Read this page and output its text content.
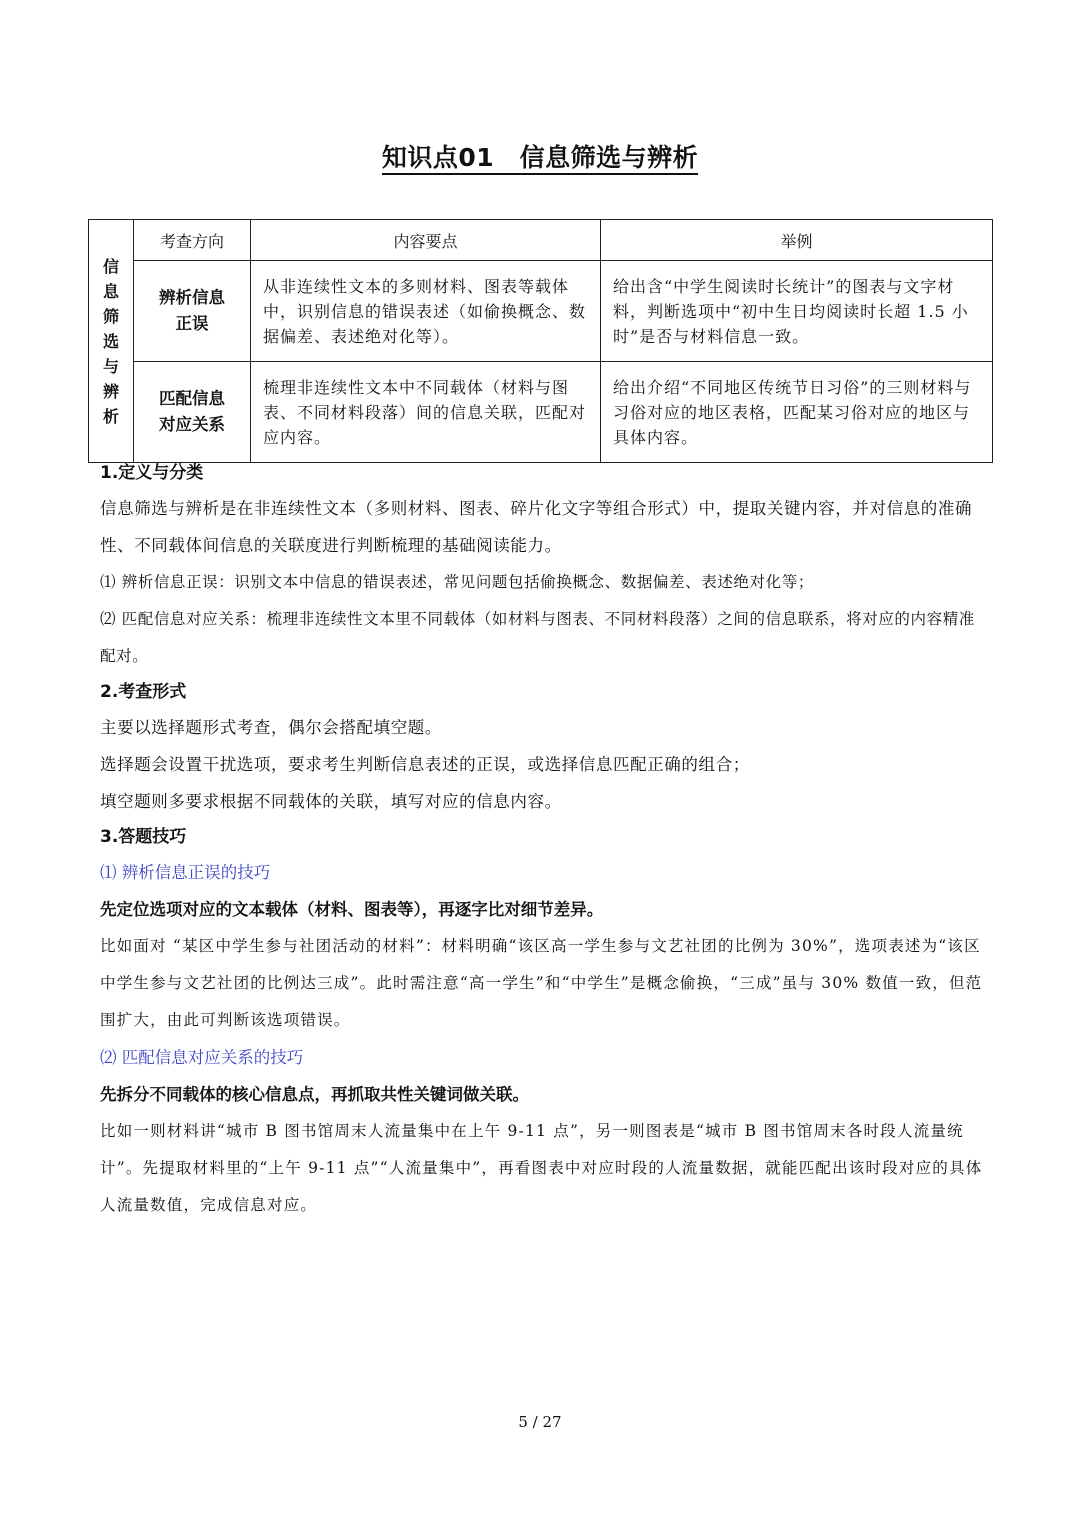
知识点01　信息筛选与辨析
信息筛选与辨析	考查方向	内容要点	举例
	辨析信息正误	从非连续性文本的多则材料、图表等载体中，识别信息的错误表述（如偷换概念、数据偏差、表述绝对化等）。	给出含“中学生阅读时长统计”的图表与文字材料，判断选项中“初中生日均阅读时长超 1.5 小时”是否与材料信息一致。
	匹配信息对应关系	梳理非连续性文本中不同载体（材料与图表、不同材料段落）间的信息关联，匹配对应内容。	给出介绍“不同地区传统节日习俗”的三则材料与习俗对应的地区表格，匹配某习俗对应的地区与具体内容。

1.定义与分类

信息筛选与辨析是在非连续性文本（多则材料、图表、碎片化文字等组合形式）中，提取关键内容，并对信息的准确性、不同载体间信息的关联度进行判断梳理的基础阅读能力。

⑴ 辨析信息正误：识别文本中信息的错误表述，常见问题包括偷换概念、数据偏差、表述绝对化等；

⑵ 匹配信息对应关系：梳理非连续性文本里不同载体（如材料与图表、不同材料段落）之间的信息联系，将对应的内容精准配对。

2.考查形式

主要以选择题形式考查，偶尔会搭配填空题。

选择题会设置干扰选项，要求考生判断信息表述的正误，或选择信息匹配正确的组合；

填空题则多要求根据不同载体的关联，填写对应的信息内容。

3.答题技巧

⑴ 辨析信息正误的技巧

先定位选项对应的文本载体（材料、图表等），再逐字比对细节差异。

比如面对 “某区中学生参与社团活动的材料”：材料明确“该区高一学生参与文艺社团的比例为 30%”，选项表述为“该区中学生参与文艺社团的比例达三成”。此时需注意“高一学生”和“中学生”是概念偷换，“三成”虽与 30% 数值一致，但范围扩大，由此可判断该选项错误。

⑵ 匹配信息对应关系的技巧

先拆分不同载体的核心信息点，再抓取共性关键词做关联。

比如一则材料讲“城市 B 图书馆周末人流量集中在上午 9-11 点”，另一则图表是“城市 B 图书馆周末各时段人流量统计”。先提取材料里的“上午 9-11 点”“人流量集中”，再看图表中对应时段的人流量数据，就能匹配出该时段对应的具体人流量数值，完成信息对应。

5 / 27
